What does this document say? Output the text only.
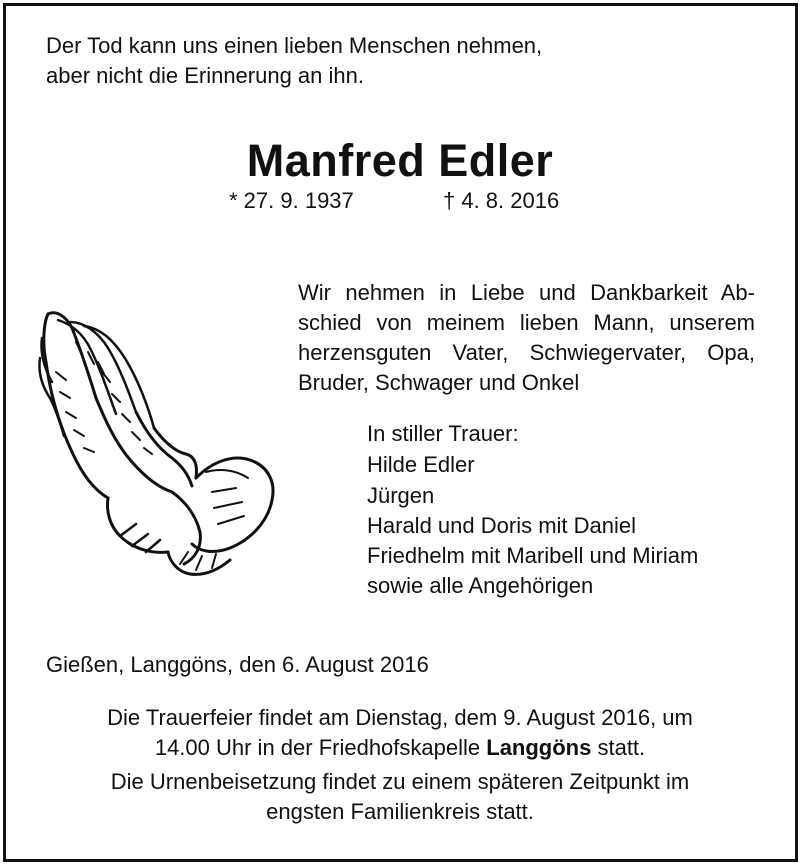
Der Tod kann uns einen lieben Menschen nehmen,

aber nicht die Erinnerung an ihn.

Manfred Edler
* 27. 9. 1937	† 4. 8. 2016
Wir nehmen in Liebe und Dankbarkeit Ab-
schied von meinem lieben Mann, unserem
herzensguten Vater, Schwiegervater, Opa,
Bruder, Schwager und Onkel

In stiller Trauer:

Hilde Edler

Jürgen

Harald und Doris mit Daniel

Friedhelm mit Maribell und Miriam

sowie alle Angehörigen

Gießen, Langgöns, den 6. August 2016

Die Trauerfeier findet am Dienstag, dem 9. August 2016, um
14.00 Uhr in der Friedhofskapelle Langgöns statt.
Die Urnenbeisetzung findet zu einem späteren Zeitpunkt im
engsten Familienkreis statt.
